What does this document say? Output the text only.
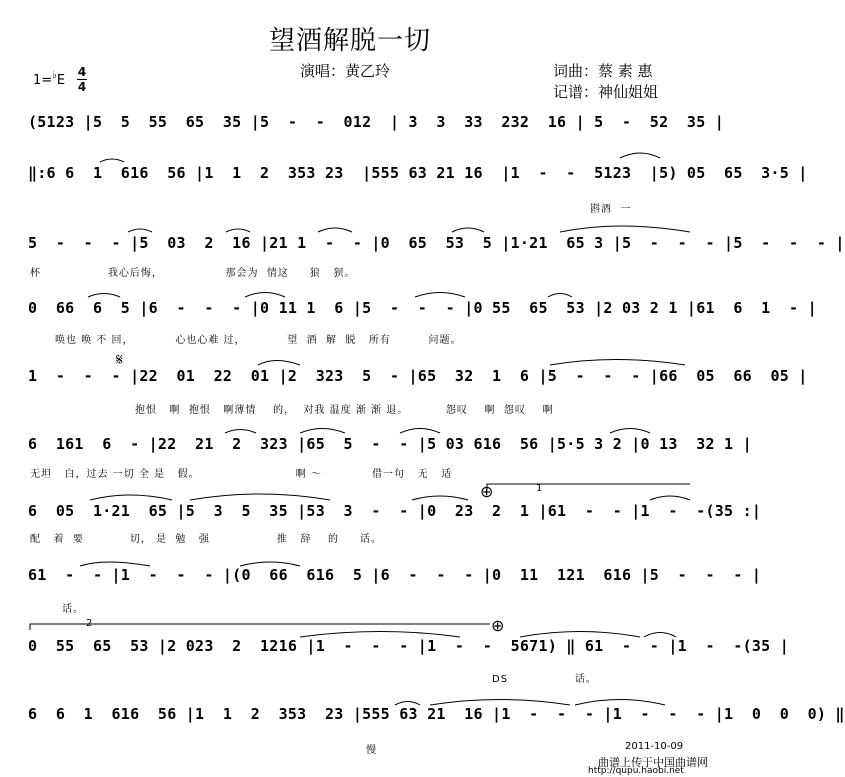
望酒解脱一切
演唱：黄乙玲	词曲：蔡 素 惠
记谱：神仙姐姐
1=♭E
4
4
(5123 |5  5  55  65  35 |5  -  -  012  | 3  3  33  232  16 | 5  -  52  35 |
‖:6 6  1  616  56 |1  1  2  353 23  |555 63 21 16  |1  -  -  5123  |5) 05  65  3·5 |
斟酒  一
5  -  -  - |5  03  2  16 |21 1  -  - |0  65  53  5 |1·21  65 3 |5  -  -  - |5  -  -  - |
杯                我心后悔，               那会为  情这     狼   狈。
0  66  6  5 |6  -  -  - |0 11 1  6 |5  -  -  - |0 55  65  53 |2 03 2 1 |61  6  1  - |
唤也 唤 不 回，          心也心难 过，          望  酒  解  脱   所有         问题。
1  -  -  - |22  01  22  01 |2  323  5  - |65  32  1  6 |5  -  -  - |66  05  66  05 |
抱恨   啊  抱恨   啊薄情    的，  对我 温度 渐 渐 退。         怨叹    啊  怨叹    啊
6  161  6  - |22  21  2  323 |65  5  -  - |5 03 616  56 |5·5 3 2 |0 13  32 1 |
无坦   白，过去 一切 全 是   假。                       啊 ～            借一句   无   适
6  05  1·21  65 |5  3  5  35 |53  3  -  - |0  23  2  1 |61  -  - |1  -  -(35 :|
配   着  要           切， 是  勉   强                推   辞    的     话。
61  -  - |1  -  -  - |(0  66  616  5 |6  -  -  - |0  11  121  616 |5  -  -  - |
话。
0  55  65  53 |2 023  2  1216 |1  -  -  - |1  -  -  5671) ‖ 61  -  - |1  -  -(35 |
DS                话。
6  6  1  616  56 |1  1  2  353  23 |555 63 21  16 |1  -  -  - |1  -  -  - |1  0  0  0) ‖
慢
𝄋
⊕
⊕
1
2
2011-10-09
曲谱上传于中国曲谱网
http://qupu.haobi.net
